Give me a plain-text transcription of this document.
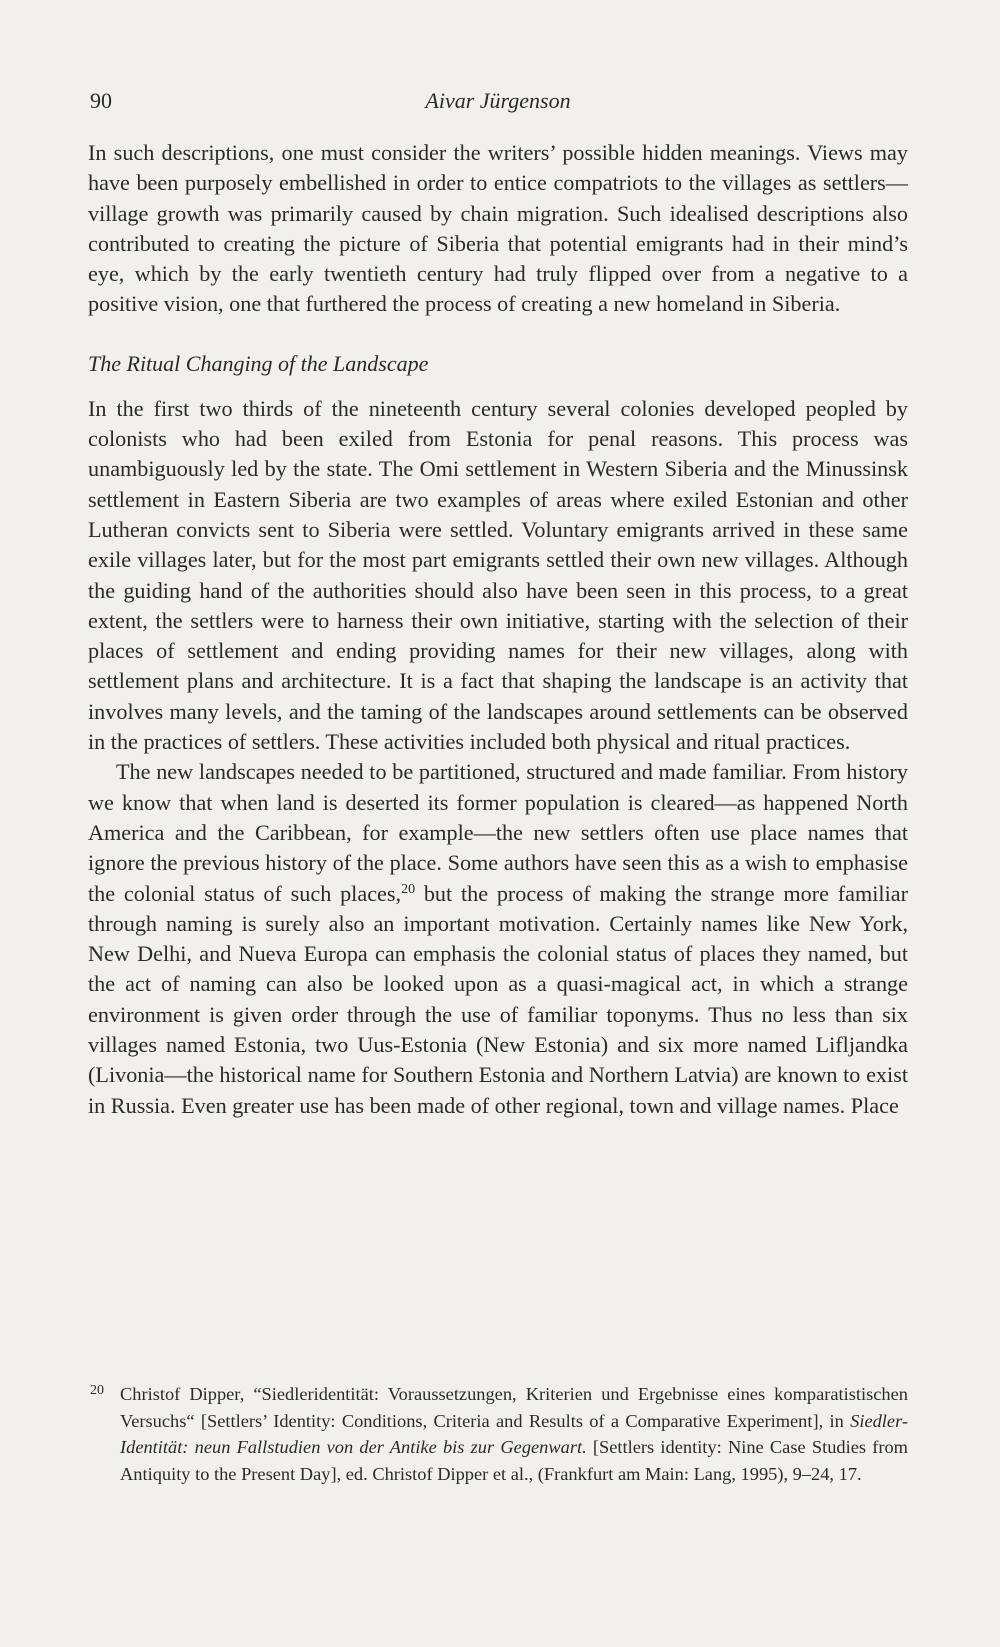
90	Aivar Jürgenson

In such descriptions, one must consider the writers’ possible hidden meanings. Views may have been purposely embellished in order to entice compatriots to the villages as settlers— village growth was primarily caused by chain migration. Such idealised descriptions also contributed to creating the picture of Siberia that potential emigrants had in their mind’s eye, which by the early twentieth century had truly flipped over from a negative to a positive vision, one that furthered the process of creating a new homeland in Siberia.

The Ritual Changing of the Landscape

In the first two thirds of the nineteenth century several colonies developed peopled by colonists who had been exiled from Estonia for penal reasons. This process was unambiguously led by the state. The Omi settlement in Western Siberia and the Minussinsk settlement in Eastern Siberia are two examples of areas where exiled Estonian and other Lutheran convicts sent to Siberia were settled. Voluntary emigrants arrived in these same exile villages later, but for the most part emigrants settled their own new villages. Although the guiding hand of the authorities should also have been seen in this process, to a great extent, the settlers were to harness their own initiative, starting with the selection of their places of settlement and ending providing names for their new villages, along with settlement plans and architecture. It is a fact that shaping the landscape is an activity that involves many levels, and the taming of the landscapes around settlements can be observed in the practices of settlers. These activities included both physical and ritual practices.

The new landscapes needed to be partitioned, structured and made familiar. From history we know that when land is deserted its former population is cleared—as happened North America and the Caribbean, for example—the new settlers often use place names that ignore the previous history of the place. Some authors have seen this as a wish to emphasise the colonial status of such places,$^{20}$ but the process of making the strange more familiar through naming is surely also an important motivation. Certainly names like New York, New Delhi, and Nueva Europa can emphasis the colonial status of places they named, but the act of naming can also be looked upon as a quasi-magical act, in which a strange environment is given order through the use of familiar toponyms. Thus no less than six villages named Estonia, two Uus-Estonia (New Estonia) and six more named Lifljandka (Livonia—the historical name for Southern Estonia and Northern Latvia) are known to exist in Russia. Even greater use has been made of other regional, town and village names. Place

20 Christof Dipper, “Siedleridentität: Voraussetzungen, Kriterien und Ergebnisse eines komparatistischen Versuchs“ [Settlers’ Identity: Conditions, Criteria and Results of a Comparative Experiment], in Siedler-Identität: neun Fallstudien von der Antike bis zur Gegenwart. [Settlers identity: Nine Case Studies from Antiquity to the Present Day], ed. Christof Dipper et al., (Frankfurt am Main: Lang, 1995), 9–24, 17.
